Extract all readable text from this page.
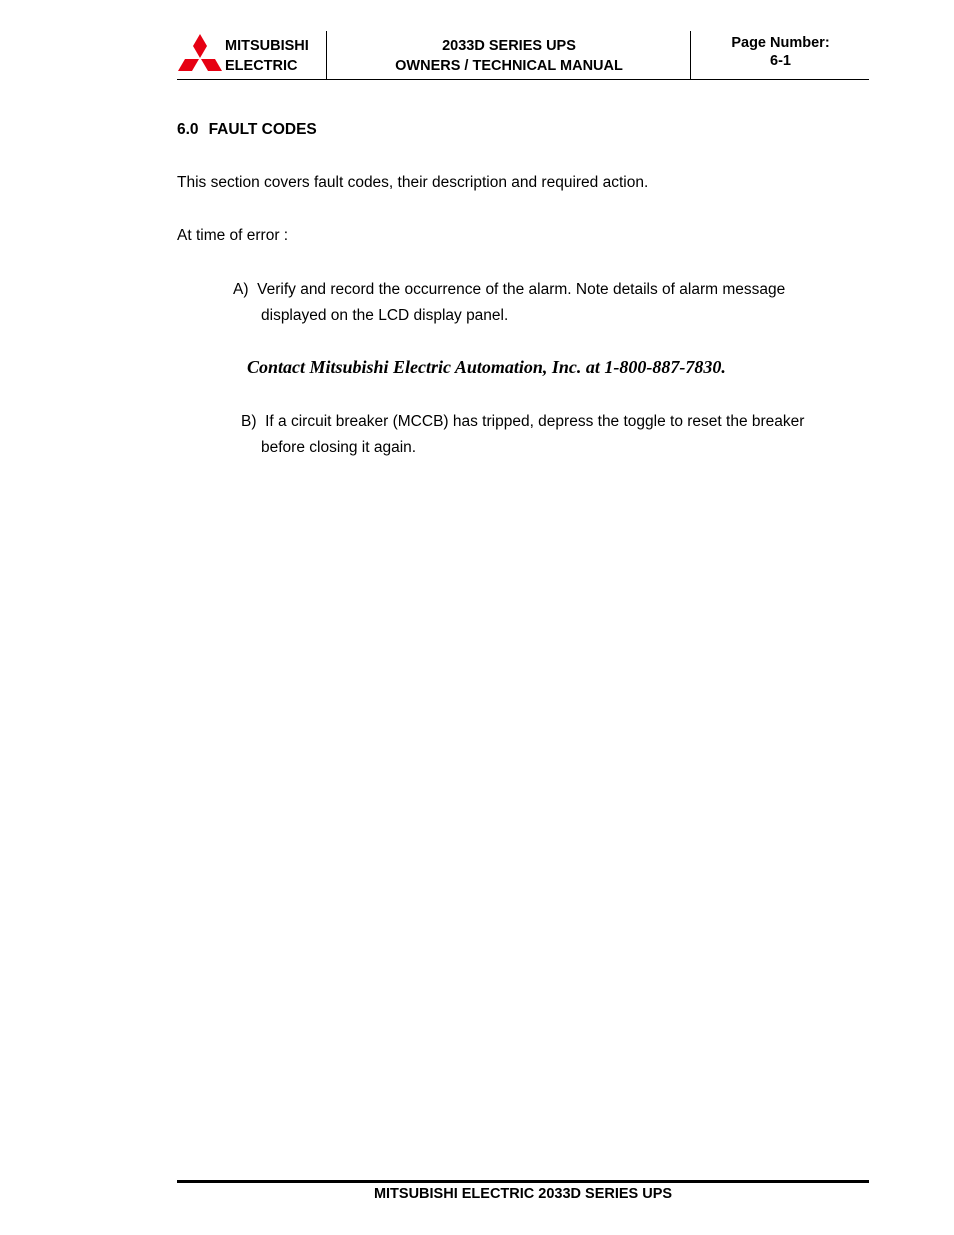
MITSUBISHI
ELECTRIC
2033D SERIES UPS
OWNERS / TECHNICAL MANUAL
Page Number:
6-1
6.0 FAULT CODES

This section covers fault codes, their description and required action.

At time of error :

A) Verify and record the occurrence of the alarm. Note details of alarm message
displayed on the LCD display panel.
Contact Mitsubishi Electric Automation, Inc. at 1-800-887-7830.
B) If a circuit breaker (MCCB) has tripped, depress the toggle to reset the breaker
before closing it again.
MITSUBISHI ELECTRIC 2033D SERIES UPS
